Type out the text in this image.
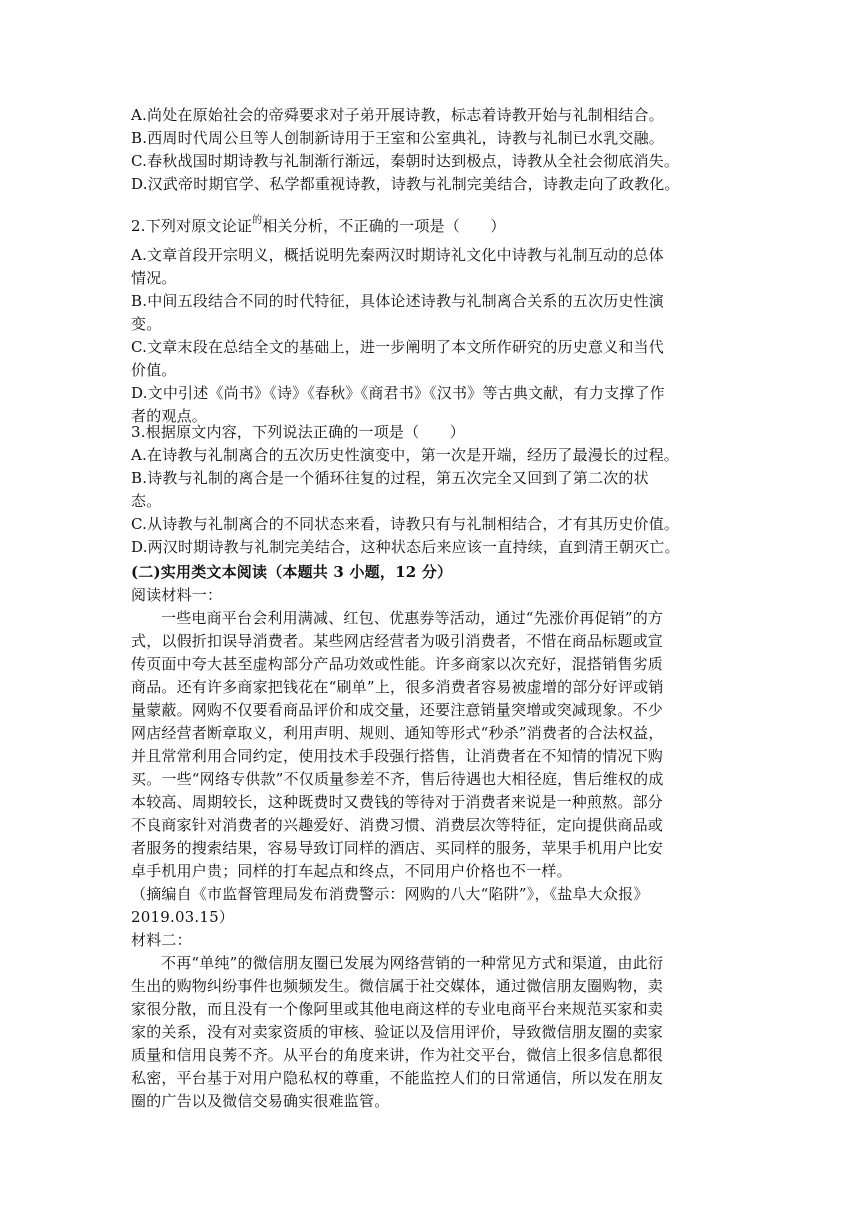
A.尚处在原始社会的帝舜要求对子弟开展诗教，标志着诗教开始与礼制相结合。
B.西周时代周公旦等人创制新诗用于王室和公室典礼，诗教与礼制已水乳交融。
C.春秋战国时期诗教与礼制渐行渐远，秦朝时达到极点，诗教从全社会彻底消失。
D.汉武帝时期官学、私学都重视诗教，诗教与礼制完美结合，诗教走向了政教化。
2.下列对原文论证$^的$相关分析，不正确的一项是（　　）
A.文章首段开宗明义，概括说明先秦两汉时期诗礼文化中诗教与礼制互动的总体
情况。
B.中间五段结合不同的时代特征，具体论述诗教与礼制离合关系的五次历史性演
变。
C.文章末段在总结全文的基础上，进一步阐明了本文所作研究的历史意义和当代
价值。
D.文中引述《尚书》《诗》《春秋》《商君书》《汉书》等古典文献，有力支撑了作
者的观点。
3.根据原文内容，下列说法正确的一项是（　　）
A.在诗教与礼制离合的五次历史性演变中，第一次是开端，经历了最漫长的过程。
B.诗教与礼制的离合是一个循环往复的过程，第五次完全又回到了第二次的状
态。
C.从诗教与礼制离合的不同状态来看，诗教只有与礼制相结合，才有其历史价值。
D.两汉时期诗教与礼制完美结合，这种状态后来应该一直持续，直到清王朝灭亡。
(二)实用类文本阅读（本题共 3 小题，12 分）
阅读材料一：
一些电商平台会利用满减、红包、优惠券等活动，通过“先涨价再促销”的方
式，以假折扣误导消费者。某些网店经营者为吸引消费者，不惜在商品标题或宣
传页面中夸大甚至虚构部分产品功效或性能。许多商家以次充好，混搭销售劣质
商品。还有许多商家把钱花在“刷单”上，很多消费者容易被虚增的部分好评或销
量蒙蔽。网购不仅要看商品评价和成交量，还要注意销量突增或突减现象。不少
网店经营者断章取义，利用声明、规则、通知等形式“秒杀”消费者的合法权益，
并且常常利用合同约定，使用技术手段强行搭售，让消费者在不知情的情况下购
买。一些“网络专供款”不仅质量参差不齐，售后待遇也大相径庭，售后维权的成
本较高、周期较长，这种既费时又费钱的等待对于消费者来说是一种煎熬。部分
不良商家针对消费者的兴趣爱好、消费习惯、消费层次等特征，定向提供商品或
者服务的搜索结果，容易导致订同样的酒店、买同样的服务，苹果手机用户比安
卓手机用户贵；同样的打车起点和终点，不同用户价格也不一样。
（摘编自《市监督管理局发布消费警示：网购的八大“陷阱”》，《盐阜大众报》
2019.03.15）
材料二：
不再“单纯”的微信朋友圈已发展为网络营销的一种常见方式和渠道，由此衍
生出的购物纠纷事件也频频发生。微信属于社交媒体，通过微信朋友圈购物，卖
家很分散，而且没有一个像阿里或其他电商这样的专业电商平台来规范买家和卖
家的关系，没有对卖家资质的审核、验证以及信用评价，导致微信朋友圈的卖家
质量和信用良莠不齐。从平台的角度来讲，作为社交平台，微信上很多信息都很
私密，平台基于对用户隐私权的尊重，不能监控人们的日常通信，所以发在朋友
圈的广告以及微信交易确实很难监管。
